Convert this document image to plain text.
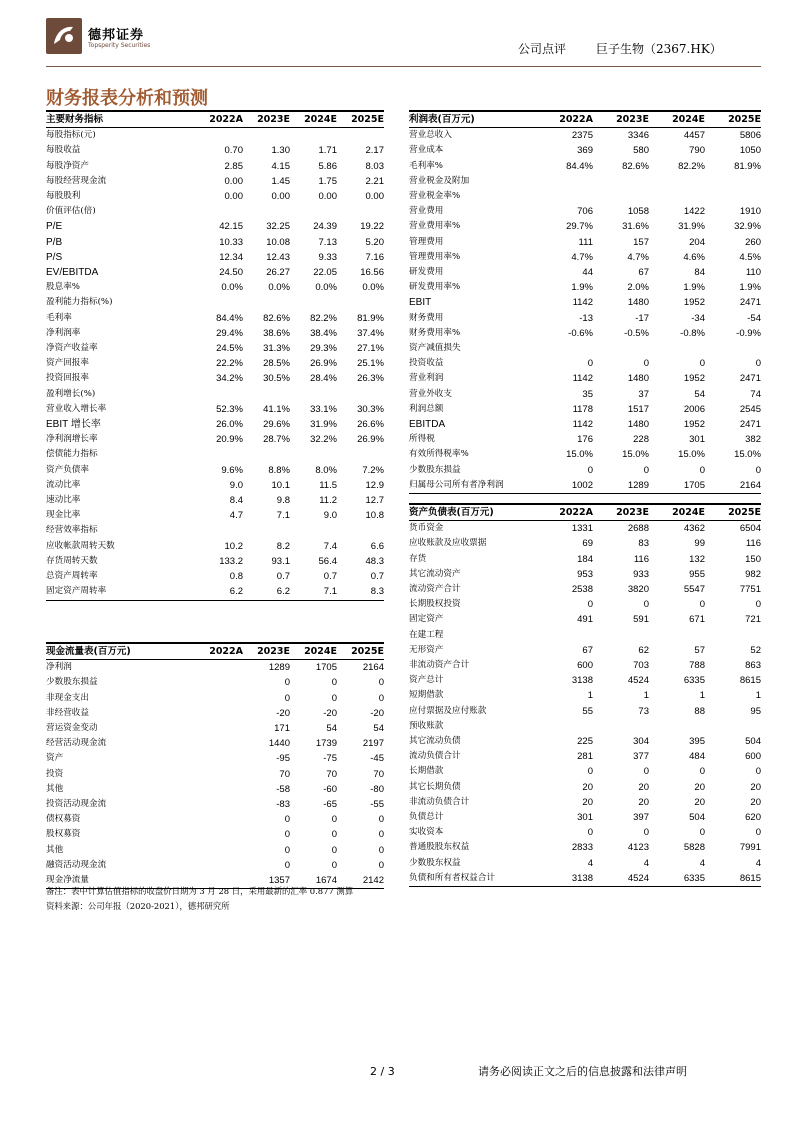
德邦证券
Topsperity Securities	公司点评 巨子生物（2367.HK）
财务报表分析和预测
主要财务指标	2022A	2023E	2024E	2025E
每股指标(元)				
每股收益	0.70	1.30	1.71	2.17
每股净资产	2.85	4.15	5.86	8.03
每股经营现金流	0.00	1.45	1.75	2.21
每股股利	0.00	0.00	0.00	0.00
价值评估(倍)				
P/E	42.15	32.25	24.39	19.22
P/B	10.33	10.08	7.13	5.20
P/S	12.34	12.43	9.33	7.16
EV/EBITDA	24.50	26.27	22.05	16.56
股息率%	0.0%	0.0%	0.0%	0.0%
盈利能力指标(%)				
毛利率	84.4%	82.6%	82.2%	81.9%
净利润率	29.4%	38.6%	38.4%	37.4%
净资产收益率	24.5%	31.3%	29.3%	27.1%
资产回报率	22.2%	28.5%	26.9%	25.1%
投资回报率	34.2%	30.5%	28.4%	26.3%
盈利增长(%)				
营业收入增长率	52.3%	41.1%	33.1%	30.3%
EBIT 增长率	26.0%	29.6%	31.9%	26.6%
净利润增长率	20.9%	28.7%	32.2%	26.9%
偿债能力指标				
资产负债率	9.6%	8.8%	8.0%	7.2%
流动比率	9.0	10.1	11.5	12.9
速动比率	8.4	9.8	11.2	12.7
现金比率	4.7	7.1	9.0	10.8
经营效率指标				
应收帐款周转天数	10.2	8.2	7.4	6.6
存货周转天数	133.2	93.1	56.4	48.3
总资产周转率	0.8	0.7	0.7	0.7
固定资产周转率	6.2	6.2	7.1	8.3
现金流量表(百万元)	2022A	2023E	2024E	2025E
净利润		1289	1705	2164
少数股东损益		0	0	0
非现金支出		0	0	0
非经营收益		-20	-20	-20
营运资金变动		171	54	54
经营活动现金流		1440	1739	2197
资产		-95	-75	-45
投资		70	70	70
其他		-58	-60	-80
投资活动现金流		-83	-65	-55
债权募资		0	0	0
股权募资		0	0	0
其他		0	0	0
融资活动现金流		0	0	0
现金净流量		1357	1674	2142
利润表(百万元)	2022A	2023E	2024E	2025E
营业总收入	2375	3346	4457	5806
营业成本	369	580	790	1050
毛利率%	84.4%	82.6%	82.2%	81.9%
营业税金及附加				
营业税金率%				
营业费用	706	1058	1422	1910
营业费用率%	29.7%	31.6%	31.9%	32.9%
管理费用	111	157	204	260
管理费用率%	4.7%	4.7%	4.6%	4.5%
研发费用	44	67	84	110
研发费用率%	1.9%	2.0%	1.9%	1.9%
EBIT	1142	1480	1952	2471
财务费用	-13	-17	-34	-54
财务费用率%	-0.6%	-0.5%	-0.8%	-0.9%
资产减值损失				
投资收益	0	0	0	0
营业利润	1142	1480	1952	2471
营业外收支	35	37	54	74
利润总额	1178	1517	2006	2545
EBITDA	1142	1480	1952	2471
所得税	176	228	301	382
有效所得税率%	15.0%	15.0%	15.0%	15.0%
少数股东损益	0	0	0	0
归属母公司所有者净利润	1002	1289	1705	2164
资产负债表(百万元)	2022A	2023E	2024E	2025E
货币资金	1331	2688	4362	6504
应收账款及应收票据	69	83	99	116
存货	184	116	132	150
其它流动资产	953	933	955	982
流动资产合计	2538	3820	5547	7751
长期股权投资	0	0	0	0
固定资产	491	591	671	721
在建工程				
无形资产	67	62	57	52
非流动资产合计	600	703	788	863
资产总计	3138	4524	6335	8615
短期借款	1	1	1	1
应付票据及应付账款	55	73	88	95
预收账款				
其它流动负债	225	304	395	504
流动负债合计	281	377	484	600
长期借款	0	0	0	0
其它长期负债	20	20	20	20
非流动负债合计	20	20	20	20
负债总计	301	397	504	620
实收资本	0	0	0	0
普通股股东权益	2833	4123	5828	7991
少数股东权益	4	4	4	4
负债和所有者权益合计	3138	4524	6335	8615
备注：表中计算估值指标的收盘价日期为 3 月 28 日，采用最新的汇率 0.877 测算
资料来源：公司年报（2020-2021），德邦研究所
2 / 3	请务必阅读正文之后的信息披露和法律声明
